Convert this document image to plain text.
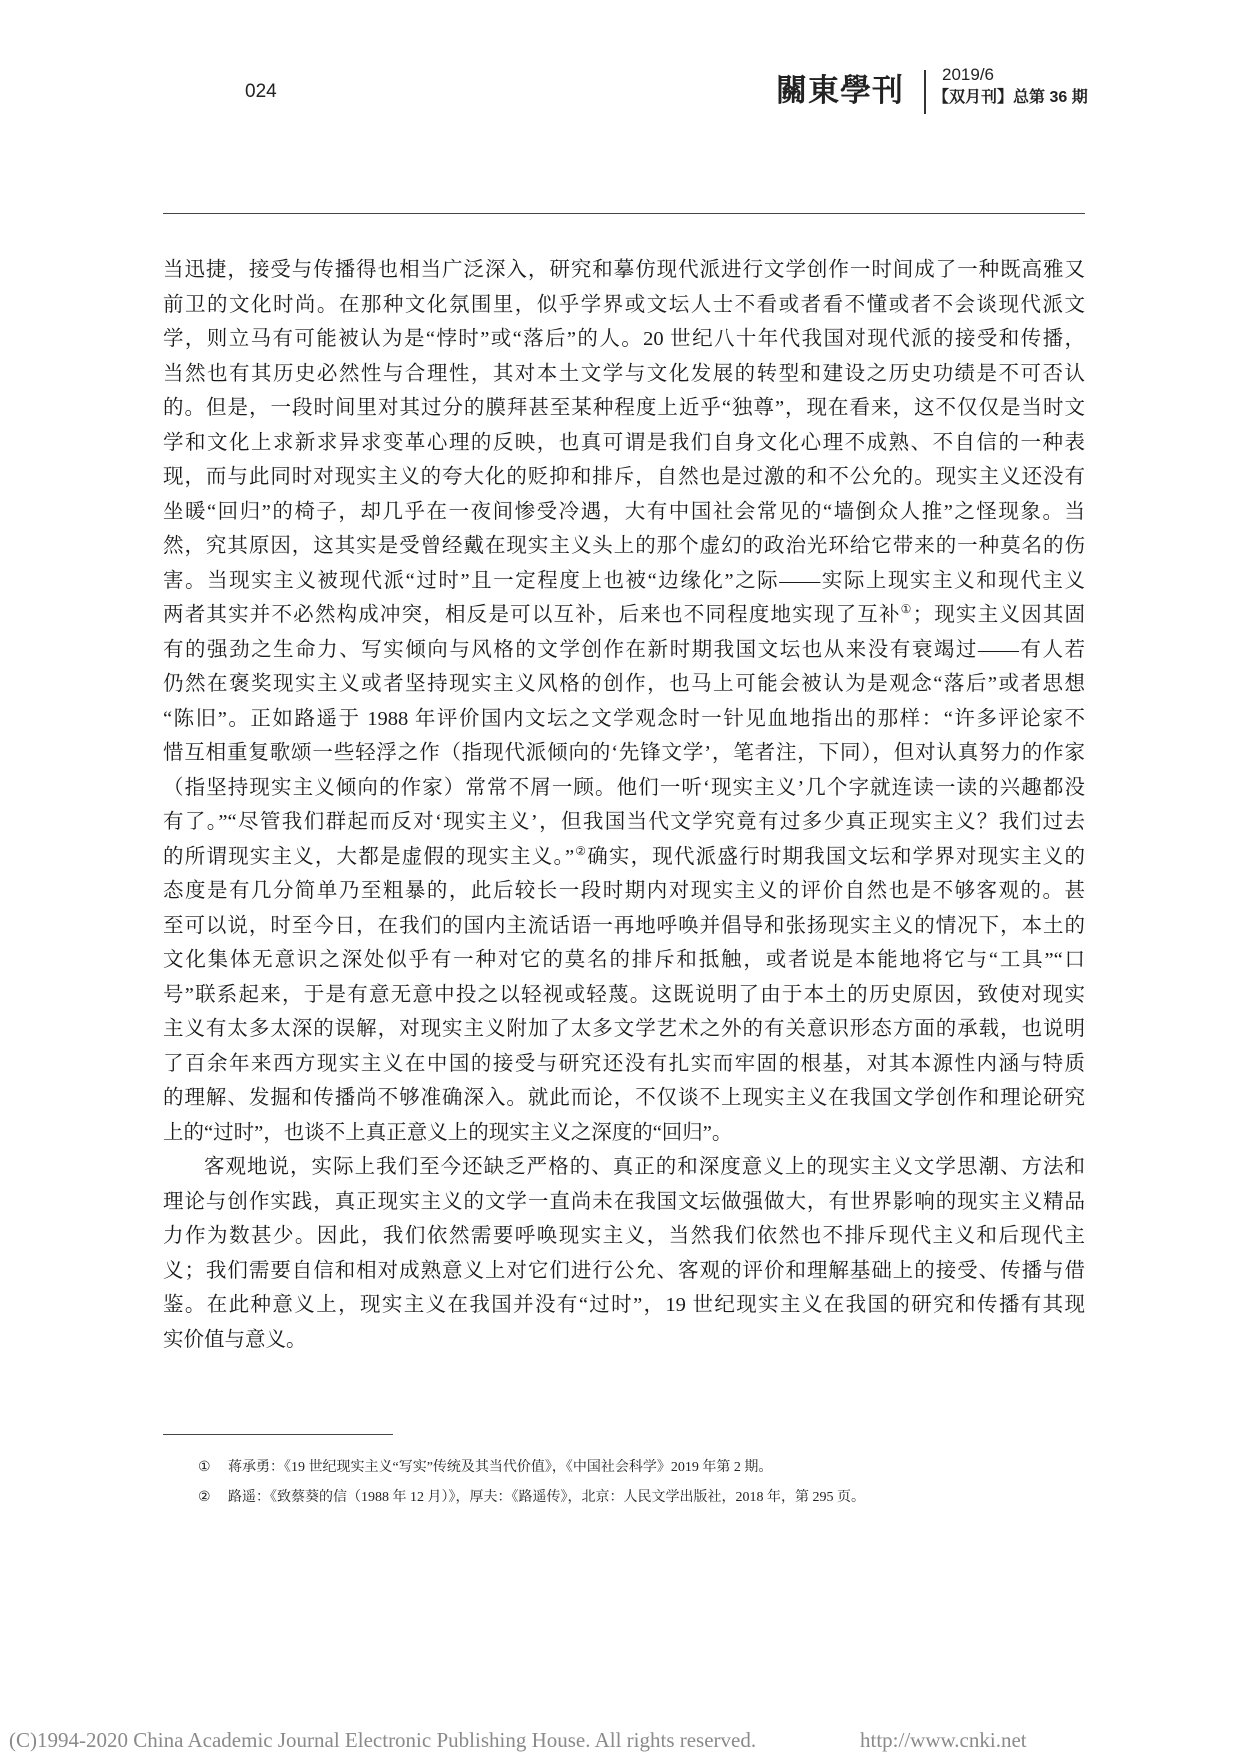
024	關東學刊 2019/6
【双月刊】总第 36 期
当迅捷，接受与传播得也相当广泛深入，研究和摹仿现代派进行文学创作一时间成了一种既高雅又
前卫的文化时尚。在那种文化氛围里，似乎学界或文坛人士不看或者看不懂或者不会谈现代派文
学，则立马有可能被认为是“悖时”或“落后”的人。20 世纪八十年代我国对现代派的接受和传播，
当然也有其历史必然性与合理性，其对本土文学与文化发展的转型和建设之历史功绩是不可否认
的。但是，一段时间里对其过分的膜拜甚至某种程度上近乎“独尊”，现在看来，这不仅仅是当时文
学和文化上求新求异求变革心理的反映，也真可谓是我们自身文化心理不成熟、不自信的一种表
现，而与此同时对现实主义的夸大化的贬抑和排斥，自然也是过激的和不公允的。现实主义还没有
坐暖“回归”的椅子，却几乎在一夜间惨受冷遇，大有中国社会常见的“墙倒众人推”之怪现象。当
然，究其原因，这其实是受曾经戴在现实主义头上的那个虚幻的政治光环给它带来的一种莫名的伤
害。当现实主义被现代派“过时”且一定程度上也被“边缘化”之际——实际上现实主义和现代主义
两者其实并不必然构成冲突，相反是可以互补，后来也不同程度地实现了互补①；现实主义因其固
有的强劲之生命力、写实倾向与风格的文学创作在新时期我国文坛也从来没有衰竭过——有人若
仍然在褒奖现实主义或者坚持现实主义风格的创作，也马上可能会被认为是观念“落后”或者思想
“陈旧”。正如路遥于 1988 年评价国内文坛之文学观念时一针见血地指出的那样：“许多评论家不
惜互相重复歌颂一些轻浮之作（指现代派倾向的‘先锋文学’，笔者注，下同），但对认真努力的作家
（指坚持现实主义倾向的作家）常常不屑一顾。他们一听‘现实主义’几个字就连读一读的兴趣都没
有了。”“尽管我们群起而反对‘现实主义’，但我国当代文学究竟有过多少真正现实主义？我们过去
的所谓现实主义，大都是虚假的现实主义。”②确实，现代派盛行时期我国文坛和学界对现实主义的
态度是有几分简单乃至粗暴的，此后较长一段时期内对现实主义的评价自然也是不够客观的。甚
至可以说，时至今日，在我们的国内主流话语一再地呼唤并倡导和张扬现实主义的情况下，本土的
文化集体无意识之深处似乎有一种对它的莫名的排斥和抵触，或者说是本能地将它与“工具”“口
号”联系起来，于是有意无意中投之以轻视或轻蔑。这既说明了由于本土的历史原因，致使对现实
主义有太多太深的误解，对现实主义附加了太多文学艺术之外的有关意识形态方面的承载，也说明
了百余年来西方现实主义在中国的接受与研究还没有扎实而牢固的根基，对其本源性内涵与特质
的理解、发掘和传播尚不够准确深入。就此而论，不仅谈不上现实主义在我国文学创作和理论研究
上的“过时”，也谈不上真正意义上的现实主义之深度的“回归”。
客观地说，实际上我们至今还缺乏严格的、真正的和深度意义上的现实主义文学思潮、方法和
理论与创作实践，真正现实主义的文学一直尚未在我国文坛做强做大，有世界影响的现实主义精品
力作为数甚少。因此，我们依然需要呼唤现实主义，当然我们依然也不排斥现代主义和后现代主
义；我们需要自信和相对成熟意义上对它们进行公允、客观的评价和理解基础上的接受、传播与借
鉴。在此种意义上，现实主义在我国并没有“过时”，19 世纪现实主义在我国的研究和传播有其现
实价值与意义。
① 蒋承勇：《19 世纪现实主义“写实”传统及其当代价值》，《中国社会科学》2019 年第 2 期。
② 路遥：《致蔡葵的信（1988 年 12 月）》，厚夫：《路遥传》，北京：人民文学出版社，2018 年，第 295 页。
(C)1994-2020 China Academic Journal Electronic Publishing House. All rights reserved.	http://www.cnki.net
